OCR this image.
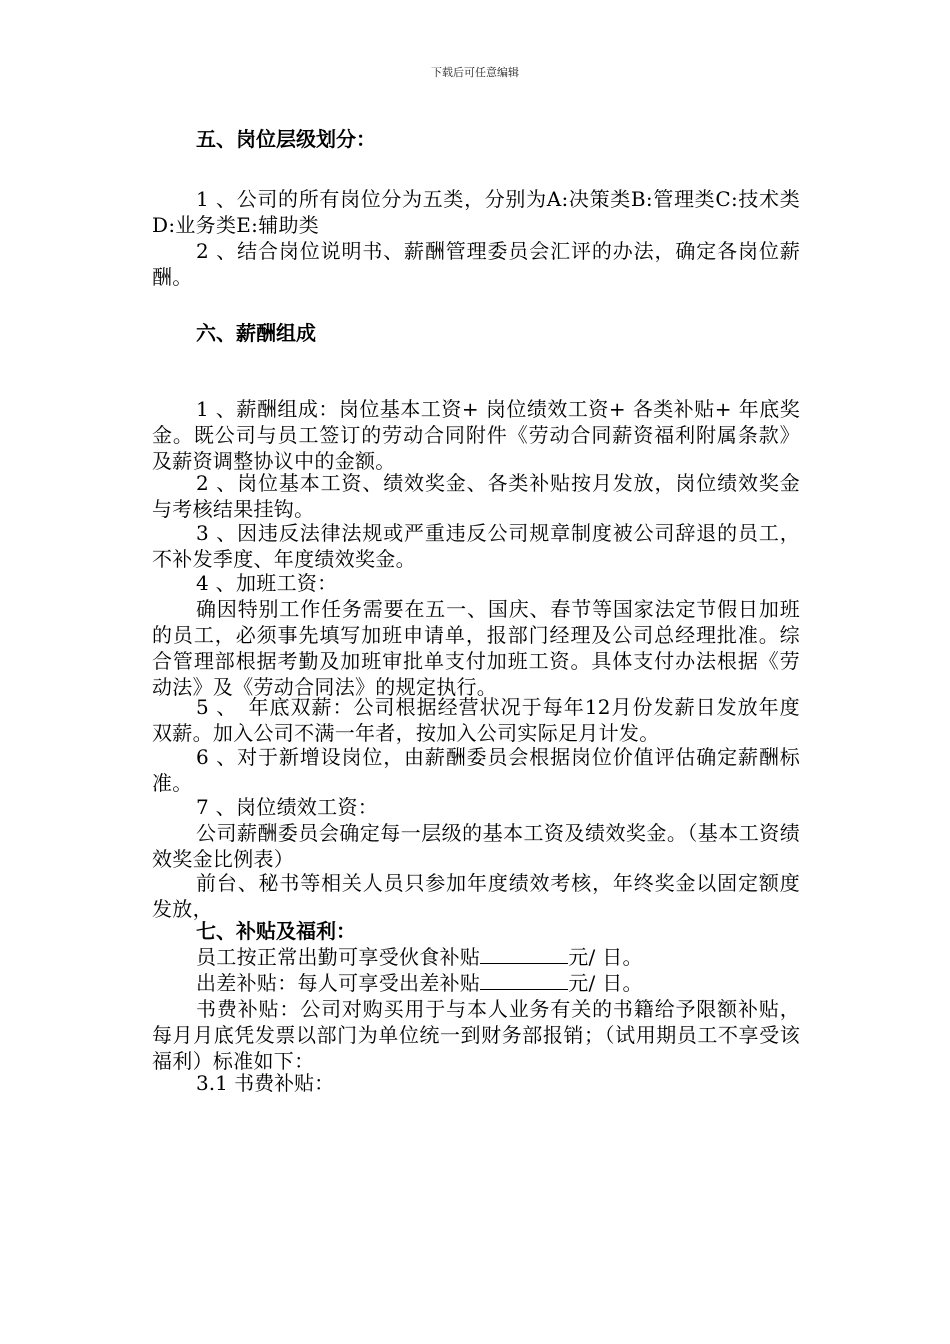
下载后可任意编辑
五、岗位层级划分：
1 、公司的所有岗位分为五类，分别为A:决策类B:管理类C:技术类D:业务类E:辅助类
2 、结合岗位说明书、薪酬管理委员会汇评的办法，确定各岗位薪酬。
六、薪酬组成
1 、薪酬组成：岗位基本工资+ 岗位绩效工资+ 各类补贴+ 年底奖金。既公司与员工签订的劳动合同附件《劳动合同薪资福利附属条款》及薪资调整协议中的金额。
2 、岗位基本工资、绩效奖金、各类补贴按月发放，岗位绩效奖金与考核结果挂钩。
3 、因违反法律法规或严重违反公司规章制度被公司辞退的员工，不补发季度、年度绩效奖金。
4 、加班工资：
确因特别工作任务需要在五一、国庆、春节等国家法定节假日加班的员工，必须事先填写加班申请单，报部门经理及公司总经理批准。综合管理部根据考勤及加班审批单支付加班工资。具体支付办法根据《劳动法》及《劳动合同法》的规定执行。
5 、　年底双薪：公司根据经营状况于每年12月份发薪日发放年度双薪。加入公司不满一年者，按加入公司实际足月计发。
6 、对于新增设岗位，由薪酬委员会根据岗位价值评估确定薪酬标准。
7 、岗位绩效工资：
公司薪酬委员会确定每一层级的基本工资及绩效奖金。（基本工资绩效奖金比例表）
前台、秘书等相关人员只参加年度绩效考核，年终奖金以固定额度发放，
七、补贴及福利：
员工按正常出勤可享受伙食补贴	元/ 日。
出差补贴：每人可享受出差补贴	元/ 日。
书费补贴：公司对购买用于与本人业务有关的书籍给予限额补贴，每月月底凭发票以部门为单位统一到财务部报销；（试用期员工不享受该福利）标准如下：
3.1 书费补贴：
